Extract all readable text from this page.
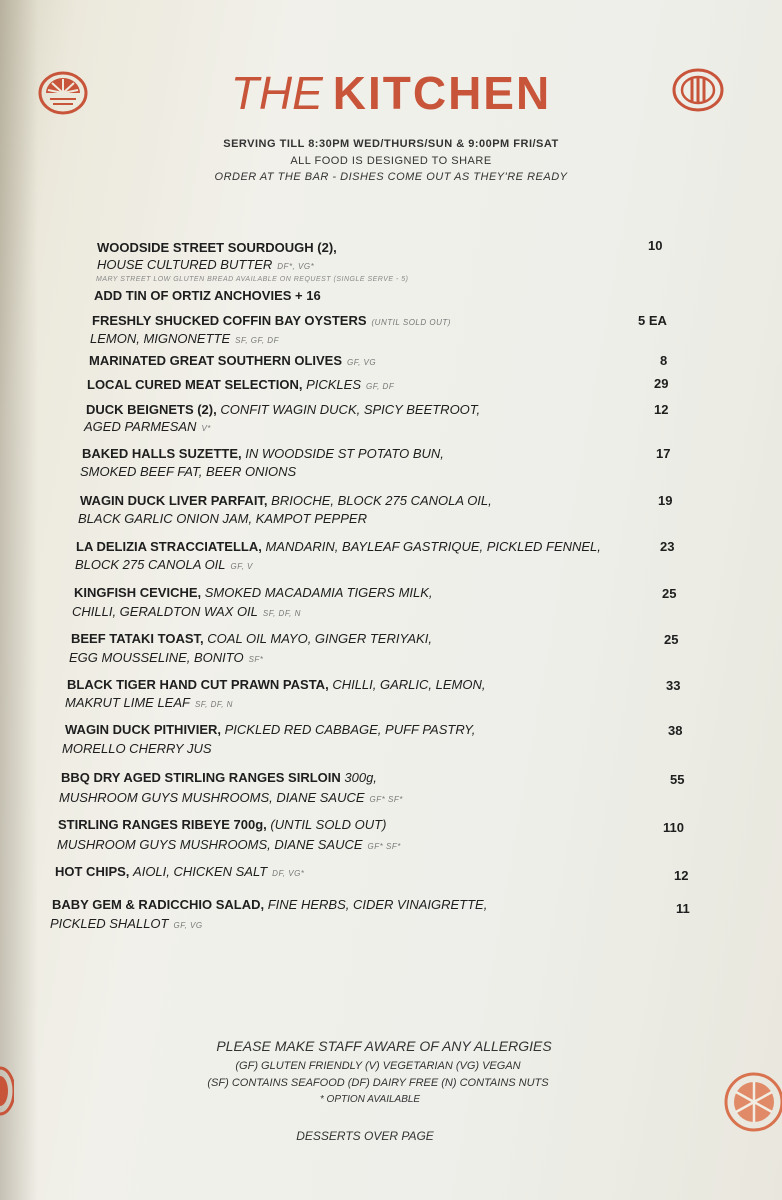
THE KITCHEN
SERVING TILL 8:30PM WED/THURS/SUN & 9:00PM FRI/SAT
ALL FOOD IS DESIGNED TO SHARE
ORDER AT THE BAR - DISHES COME OUT AS THEY'RE READY
WOODSIDE STREET SOURDOUGH (2),
HOUSE CULTURED BUTTER DF*, VG*
MARY STREET LOW GLUTEN BREAD AVAILABLE ON REQUEST (SINGLE SERVE - 5)
ADD TIN OF ORTIZ ANCHOVIES + 16
10
FRESHLY SHUCKED COFFIN BAY OYSTERS (UNTIL SOLD OUT)
LEMON, MIGNONETTE SF, GF, DF
5 EA
MARINATED GREAT SOUTHERN OLIVES GF, VG	8
LOCAL CURED MEAT SELECTION, PICKLES GF, DF	29
DUCK BEIGNETS (2), CONFIT WAGIN DUCK, SPICY BEETROOT,
AGED PARMESAN V*
12
BAKED HALLS SUZETTE, IN WOODSIDE ST POTATO BUN,
SMOKED BEEF FAT, BEER ONIONS
17
WAGIN DUCK LIVER PARFAIT, BRIOCHE, BLOCK 275 CANOLA OIL,
BLACK GARLIC ONION JAM, KAMPOT PEPPER
19
LA DELIZIA STRACCIATELLA, MANDARIN, BAYLEAF GASTRIQUE, PICKLED FENNEL,
BLOCK 275 CANOLA OIL GF, V
23
KINGFISH CEVICHE, SMOKED MACADAMIA TIGERS MILK,
CHILLI, GERALDTON WAX OIL SF, DF, N
25
BEEF TATAKI TOAST, COAL OIL MAYO, GINGER TERIYAKI,
EGG MOUSSELINE, BONITO SF*
25
BLACK TIGER HAND CUT PRAWN PASTA, CHILLI, GARLIC, LEMON,
MAKRUT LIME LEAF SF, DF, N
33
WAGIN DUCK PITHIVIER, PICKLED RED CABBAGE, PUFF PASTRY,
MORELLO CHERRY JUS
38
BBQ DRY AGED STIRLING RANGES SIRLOIN 300g,
MUSHROOM GUYS MUSHROOMS, DIANE SAUCE GF* SF*
55
STIRLING RANGES RIBEYE 700g, (UNTIL SOLD OUT)
MUSHROOM GUYS MUSHROOMS, DIANE SAUCE GF* SF*
110
HOT CHIPS, AIOLI, CHICKEN SALT DF, VG*	12
BABY GEM & RADICCHIO SALAD, FINE HERBS, CIDER VINAIGRETTE,
PICKLED SHALLOT GF, VG
11
PLEASE MAKE STAFF AWARE OF ANY ALLERGIES
(GF) GLUTEN FRIENDLY (V) VEGETARIAN (VG) VEGAN
(SF) CONTAINS SEAFOOD (DF) DAIRY FREE (N) CONTAINS NUTS
* OPTION AVAILABLE
DESSERTS OVER PAGE
